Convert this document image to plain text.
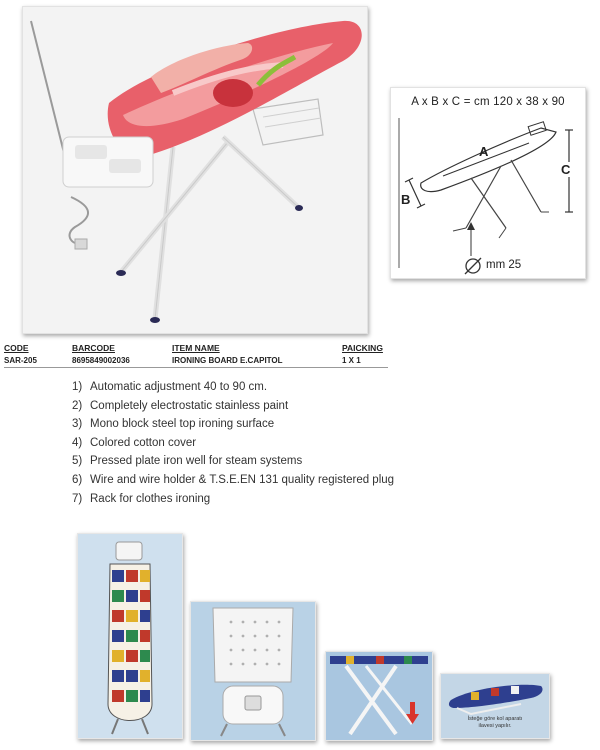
A x B x C = cm 120 x 38 x 90
A
B
C
mm 25
CODE	BARCODE	ITEM NAME	PAICKING
SAR-205	8695849002036	IRONING BOARD E.CAPITOL	1 X 1
1) Automatic adjustment 40 to 90 cm.
2) Completely electrostatic stainless paint
3) Mono block steel top ironing surface
4) Colored cotton cover
5) Pressed plate iron well for steam systems
6) Wire and wire holder & T.S.E.EN 131 quality registered plug
7) Rack for clothes ironing
İsteğe göre kol aparatı
ilavesi yapılır.
